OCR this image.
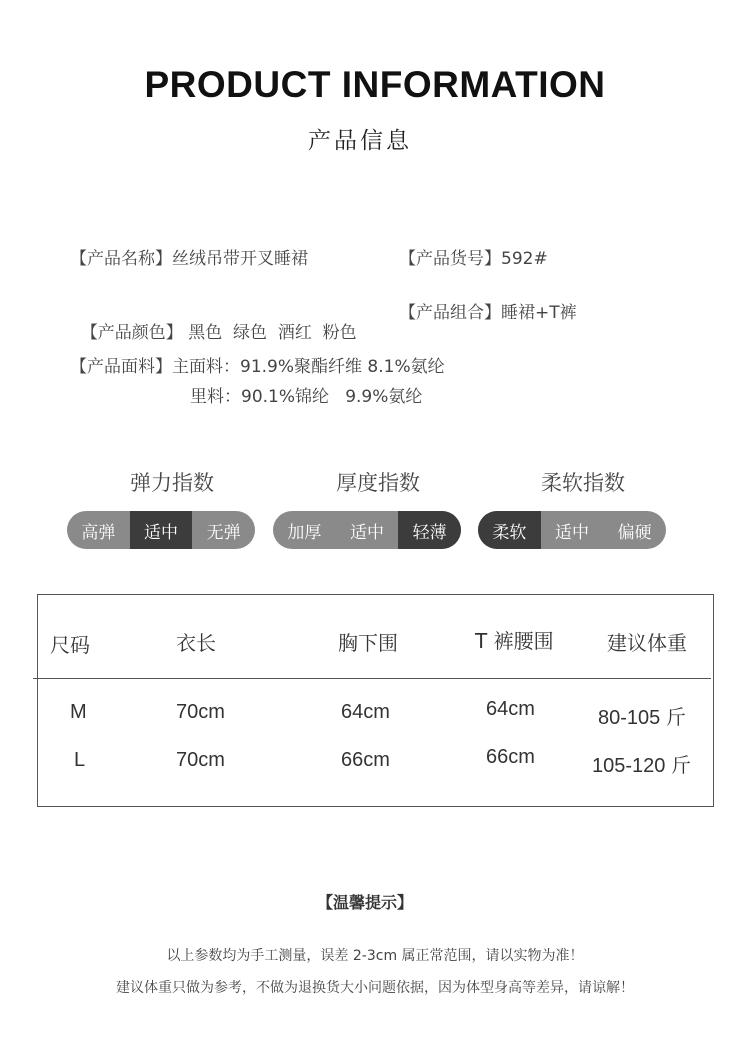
PRODUCT INFORMATION
产品信息
【产品名称】丝绒吊带开叉睡裙	【产品货号】592#

【产品颜色】 黑色  绿色  酒红  粉色

【产品组合】睡裙+T裤
【产品面料】主面料：91.9%聚酯纤维 8.1%氨纶
里料：90.1%锦纶   9.9%氨纶
弹力指数	厚度指数	柔软指数
高弹	适中	无弹	加厚	适中	轻薄	柔软	适中	偏硬
尺码	衣长	胸下围	T 裤腰围	建议体重
M	70cm	64cm	64cm	80-105 斤
L	70cm	66cm	66cm	105-120 斤
【温馨提示】
以上参数均为手工测量，误差 2-3cm 属正常范围，请以实物为准！
建议体重只做为参考，不做为退换货大小问题依据，因为体型身高等差异，请谅解！
